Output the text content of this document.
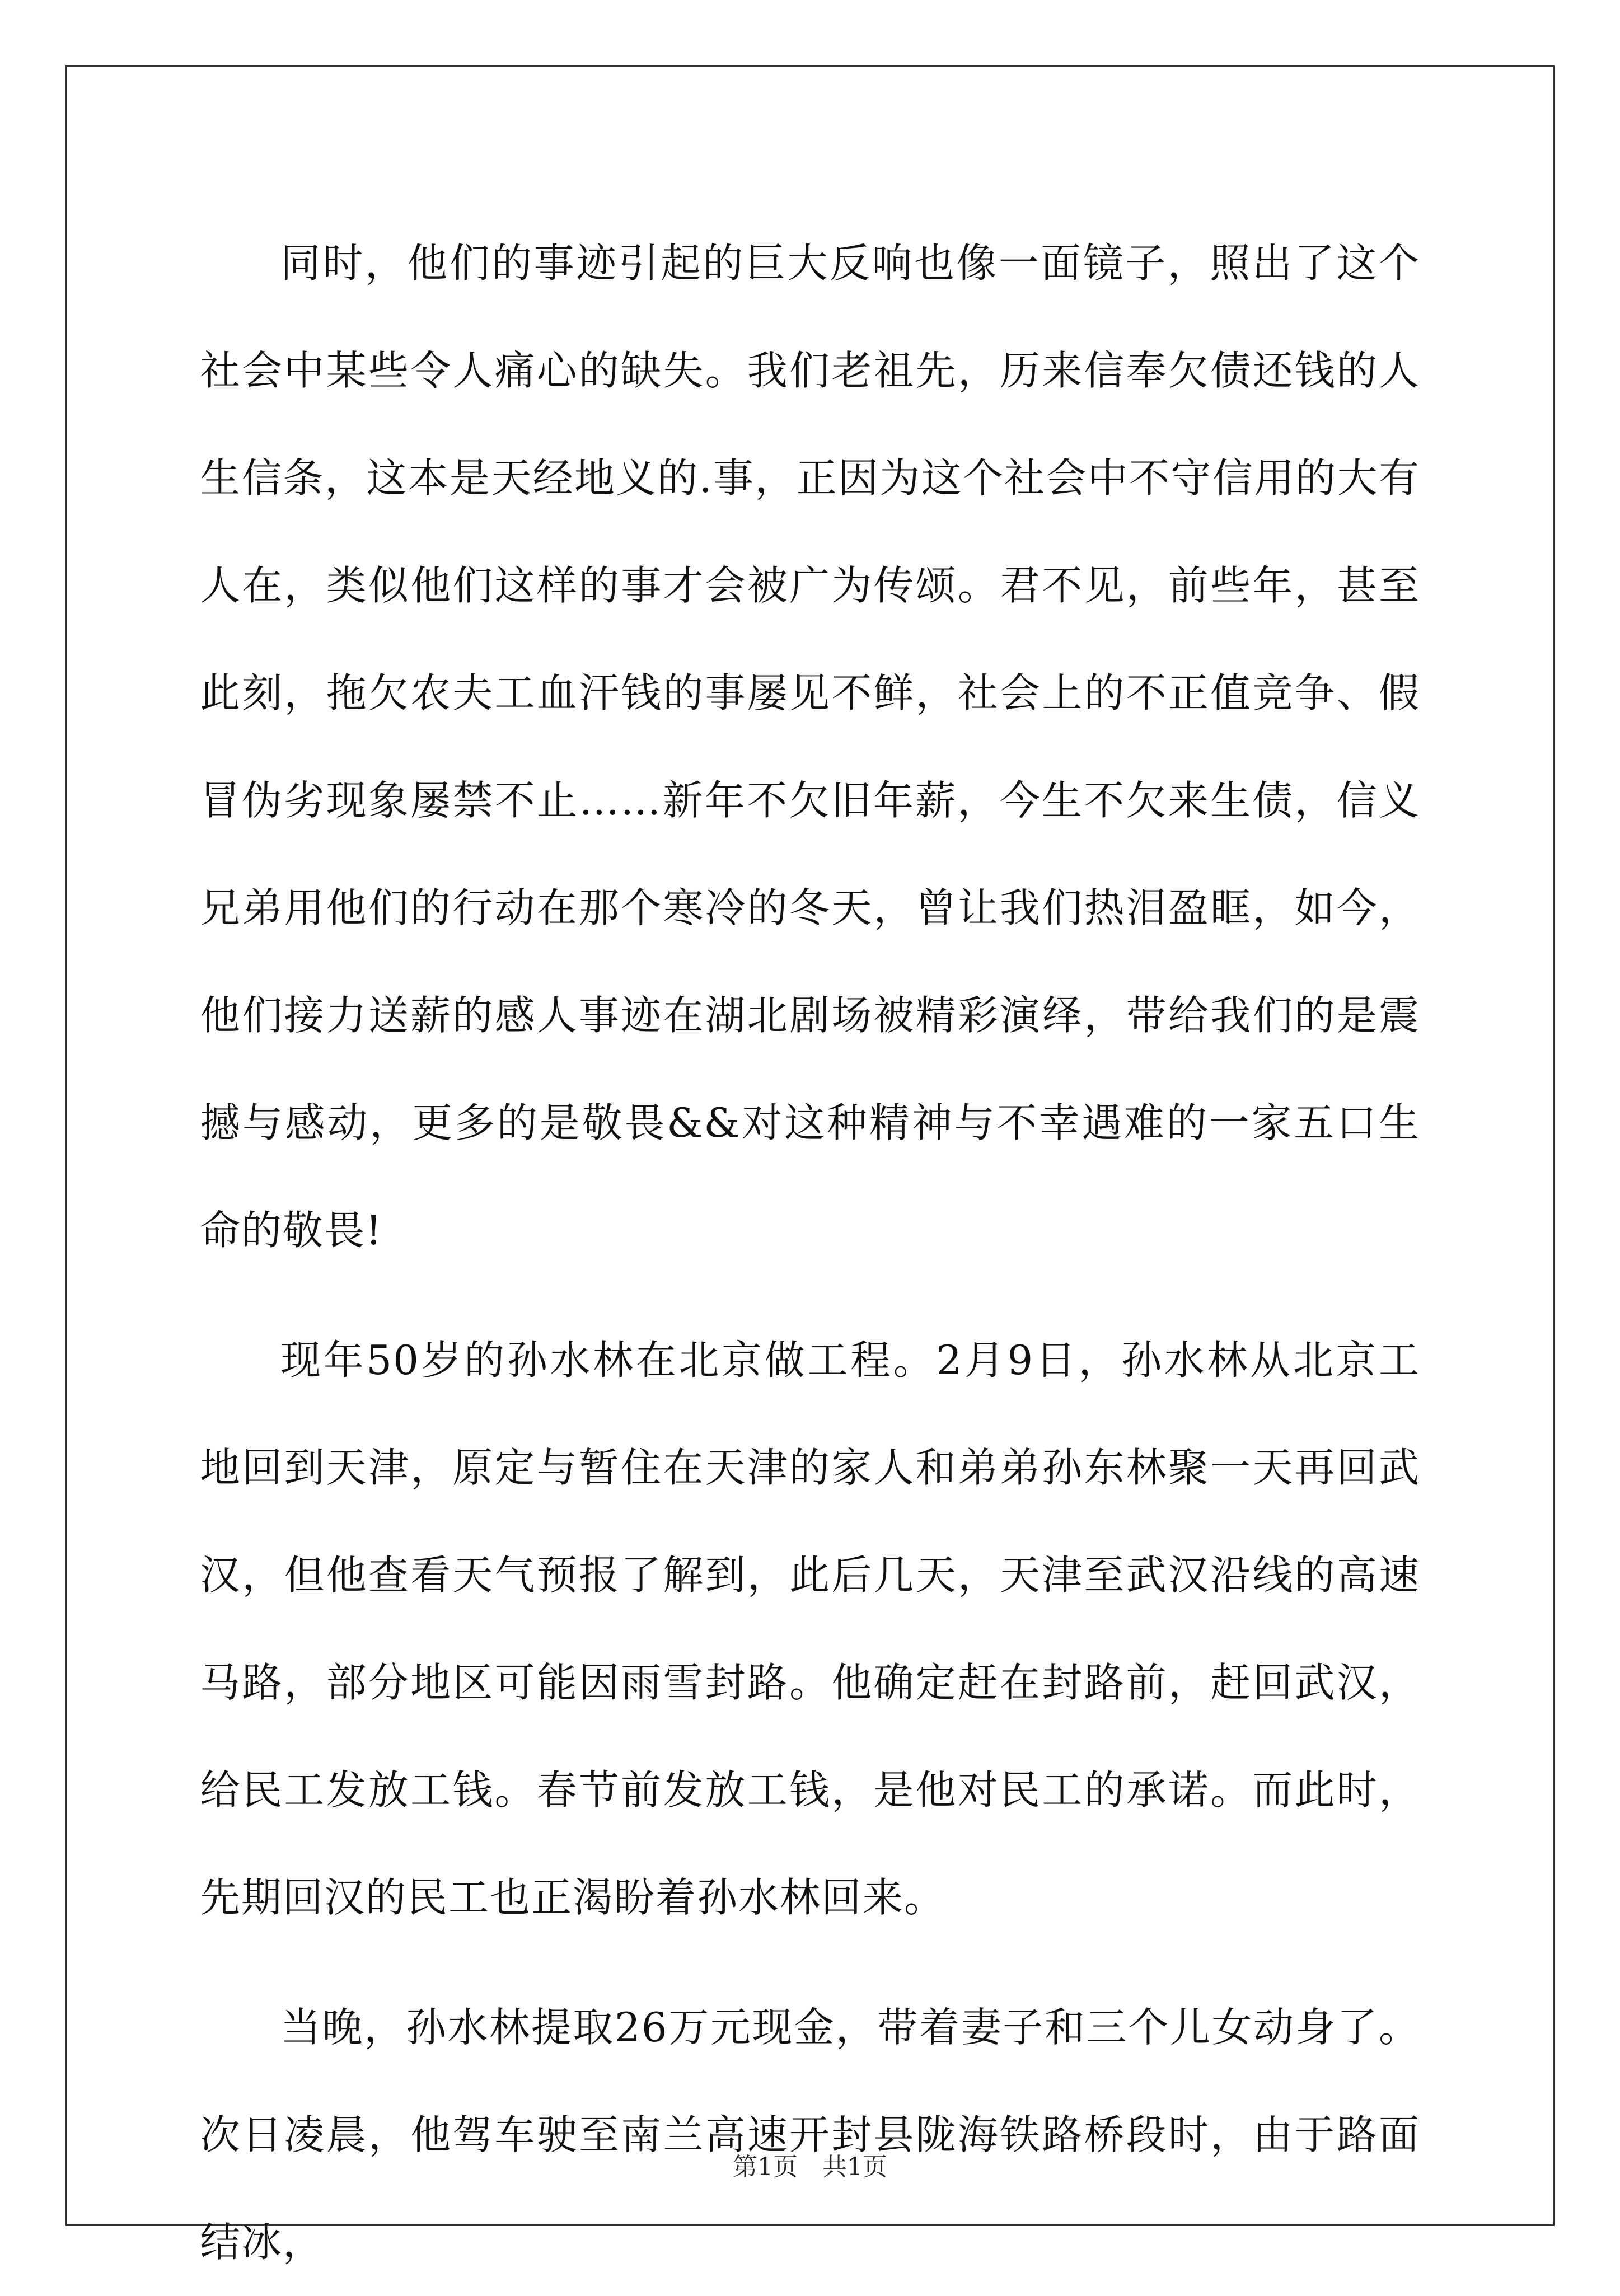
同时，他们的事迹引起的巨大反响也像一面镜子，照出了这个社会中某些令人痛心的缺失。我们老祖先，历来信奉欠债还钱的人生信条，这本是天经地义的.事，正因为这个社会中不守信用的大有人在，类似他们这样的事才会被广为传颂。君不见，前些年，甚至此刻，拖欠农夫工血汗钱的事屡见不鲜，社会上的不正值竞争、假冒伪劣现象屡禁不止……新年不欠旧年薪，今生不欠来生债，信义兄弟用他们的行动在那个寒冷的冬天，曾让我们热泪盈眶，如今，他们接力送薪的感人事迹在湖北剧场被精彩演绎，带给我们的是震撼与感动，更多的是敬畏&&对这种精神与不幸遇难的一家五口生命的敬畏!

现年50岁的孙水林在北京做工程。2月9日，孙水林从北京工地回到天津，原定与暂住在天津的家人和弟弟孙东林聚一天再回武汉，但他查看天气预报了解到，此后几天，天津至武汉沿线的高速马路，部分地区可能因雨雪封路。他确定赶在封路前，赶回武汉，给民工发放工钱。春节前发放工钱，是他对民工的承诺。而此时，先期回汉的民工也正渴盼着孙水林回来。

当晚，孙水林提取26万元现金，带着妻子和三个儿女动身了。次日凌晨，他驾车驶至南兰高速开封县陇海铁路桥段时，由于路面结冰，

第1页 共1页
